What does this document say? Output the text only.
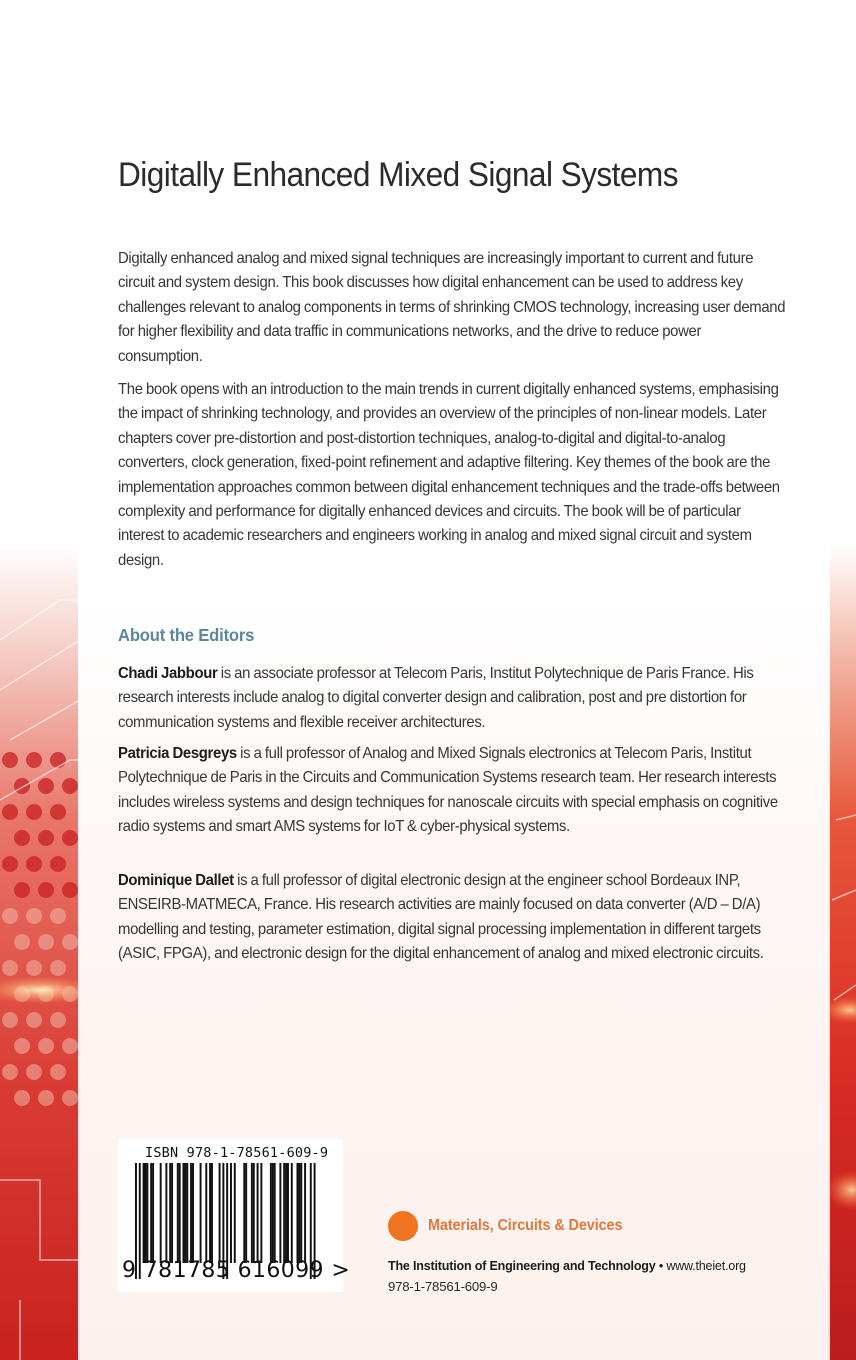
Digitally Enhanced Mixed Signal Systems

Digitally enhanced analog and mixed signal techniques are increasingly important to current and future circuit and system design. This book discusses how digital enhancement can be used to address key challenges relevant to analog components in terms of shrinking CMOS technology, increasing user demand for higher flexibility and data traffic in communications networks, and the drive to reduce power consumption.

The book opens with an introduction to the main trends in current digitally enhanced systems, emphasising the impact of shrinking technology, and provides an overview of the principles of non-linear models. Later chapters cover pre-distortion and post-distortion techniques, analog-to-digital and digital-to-analog converters, clock generation, fixed-point refinement and adaptive filtering. Key themes of the book are the implementation approaches common between digital enhancement techniques and the trade-offs between complexity and performance for digitally enhanced devices and circuits. The book will be of particular interest to academic researchers and engineers working in analog and mixed signal circuit and system design.

About the Editors

Chadi Jabbour is an associate professor at Telecom Paris, Institut Polytechnique de Paris France. His research interests include analog to digital converter design and calibration, post and pre distortion for communication systems and flexible receiver architectures.

Patricia Desgreys is a full professor of Analog and Mixed Signals electronics at Telecom Paris, Institut Polytechnique de Paris in the Circuits and Communication Systems research team. Her research interests includes wireless systems and design techniques for nanoscale circuits with special emphasis on cognitive radio systems and smart AMS systems for IoT & cyber-physical systems.

Dominique Dallet is a full professor of digital electronic design at the engineer school Bordeaux INP, ENSEIRB-MATMECA, France. His research activities are mainly focused on data converter (A/D – D/A) modelling and testing, parameter estimation, digital signal processing implementation in different targets (ASIC, FPGA), and electronic design for the digital enhancement of analog and mixed electronic circuits.

ISBN 978-1-78561-609-9
9 781785 616099 >
Materials, Circuits & Devices
The Institution of Engineering and Technology • www.theiet.org
978-1-78561-609-9
